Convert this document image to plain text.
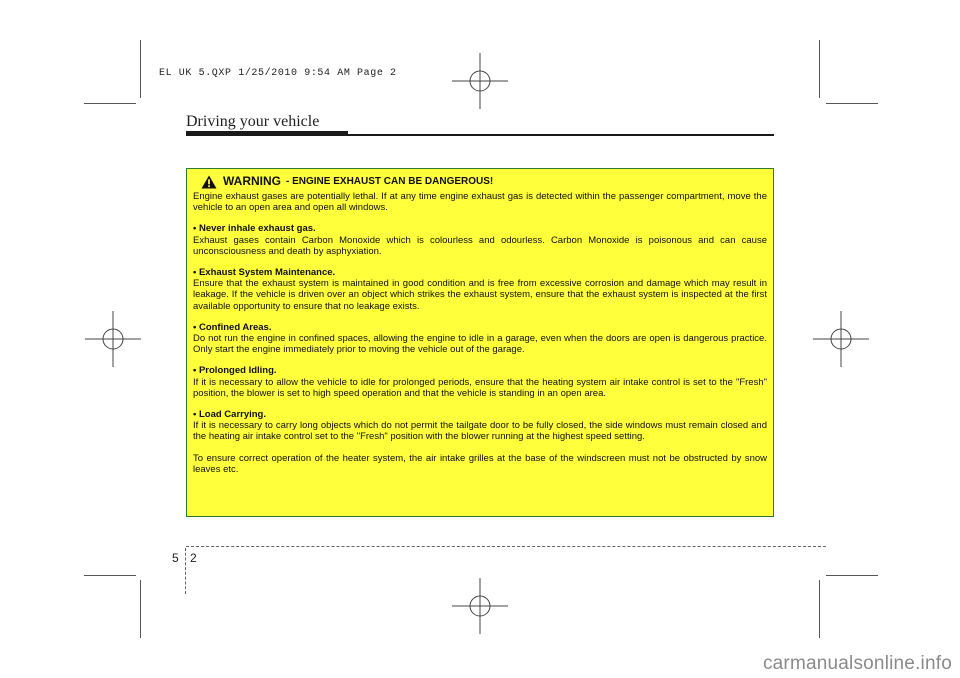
EL UK 5.QXP 1/25/2010 9:54 AM Page 2
Driving your vehicle
WARNING - ENGINE EXHAUST CAN BE DANGEROUS!

Engine exhaust gases are potentially lethal. If at any time engine exhaust gas is detected within the passenger compartment, move the vehicle to an open area and open all windows.

• Never inhale exhaust gas.

Exhaust gases contain Carbon Monoxide which is colourless and odourless. Carbon Monoxide is poisonous and can cause unconsciousness and death by asphyxiation.

• Exhaust System Maintenance.

Ensure that the exhaust system is maintained in good condition and is free from excessive corrosion and damage which may result in leakage. If the vehicle is driven over an object which strikes the exhaust system, ensure that the exhaust system is inspected at the first available opportunity to ensure that no leakage exists.

• Confined Areas.

Do not run the engine in confined spaces, allowing the engine to idle in a garage, even when the doors are open is dangerous practice. Only start the engine immediately prior to moving the vehicle out of the garage.

• Prolonged Idling.

If it is necessary to allow the vehicle to idle for prolonged periods, ensure that the heating system air intake control is set to the "Fresh" position, the blower is set to high speed operation and that the vehicle is standing in an open area.

• Load Carrying.

If it is necessary to carry long objects which do not permit the tailgate door to be fully closed, the side windows must remain closed and the heating air intake control set to the "Fresh" position with the blower running at the highest speed setting.

To ensure correct operation of the heater system, the air intake grilles at the base of the windscreen must not be obstructed by snow leaves etc.

5 2
carmanualsonline.info
